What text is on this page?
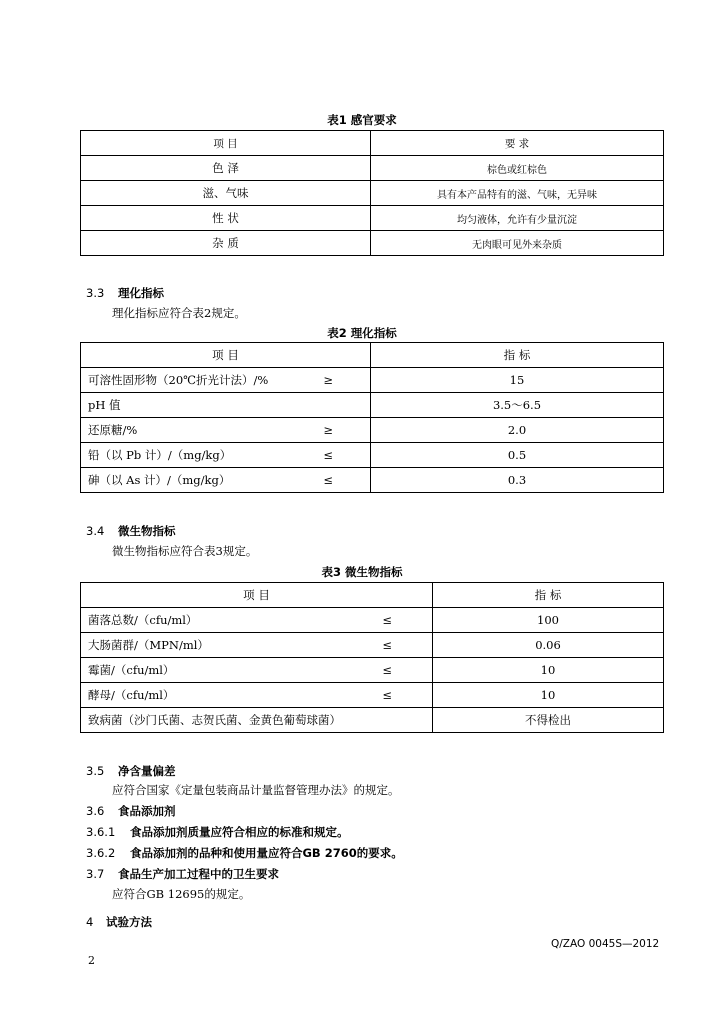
表1 感官要求
项 目	要 求
色 泽	棕色或红棕色
滋、气味	具有本产品特有的滋、气味，无异味
性 状	均匀液体，允许有少量沉淀
杂 质	无肉眼可见外来杂质
3.3 理化指标
理化指标应符合表2规定。
表2 理化指标
项 目	指 标

可溶性固形物（20℃折光计法）/% ≥	15

pH 值	3.5～6.5

还原糖/% ≥	2.0

铅（以 Pb 计）/（mg/kg） ≤	0.5

砷（以 As 计）/（mg/kg） ≤	0.3
3.4 微生物指标
微生物指标应符合表3规定。
表3 微生物指标
项 目	指 标

菌落总数/（cfu/ml） ≤	100

大肠菌群/（MPN/ml） ≤	0.06

霉菌/（cfu/ml） ≤	10

酵母/（cfu/ml） ≤	10

致病菌（沙门氏菌、志贺氏菌、金黄色葡萄球菌）	不得检出
3.5 净含量偏差
应符合国家《定量包装商品计量监督管理办法》的规定。
3.6 食品添加剂
3.6.1 食品添加剂质量应符合相应的标准和规定。
3.6.2 食品添加剂的品种和使用量应符合GB 2760的要求。
3.7 食品生产加工过程中的卫生要求
应符合GB 12695的规定。
4 试验方法
Q/ZAO 0045S—2012
2
